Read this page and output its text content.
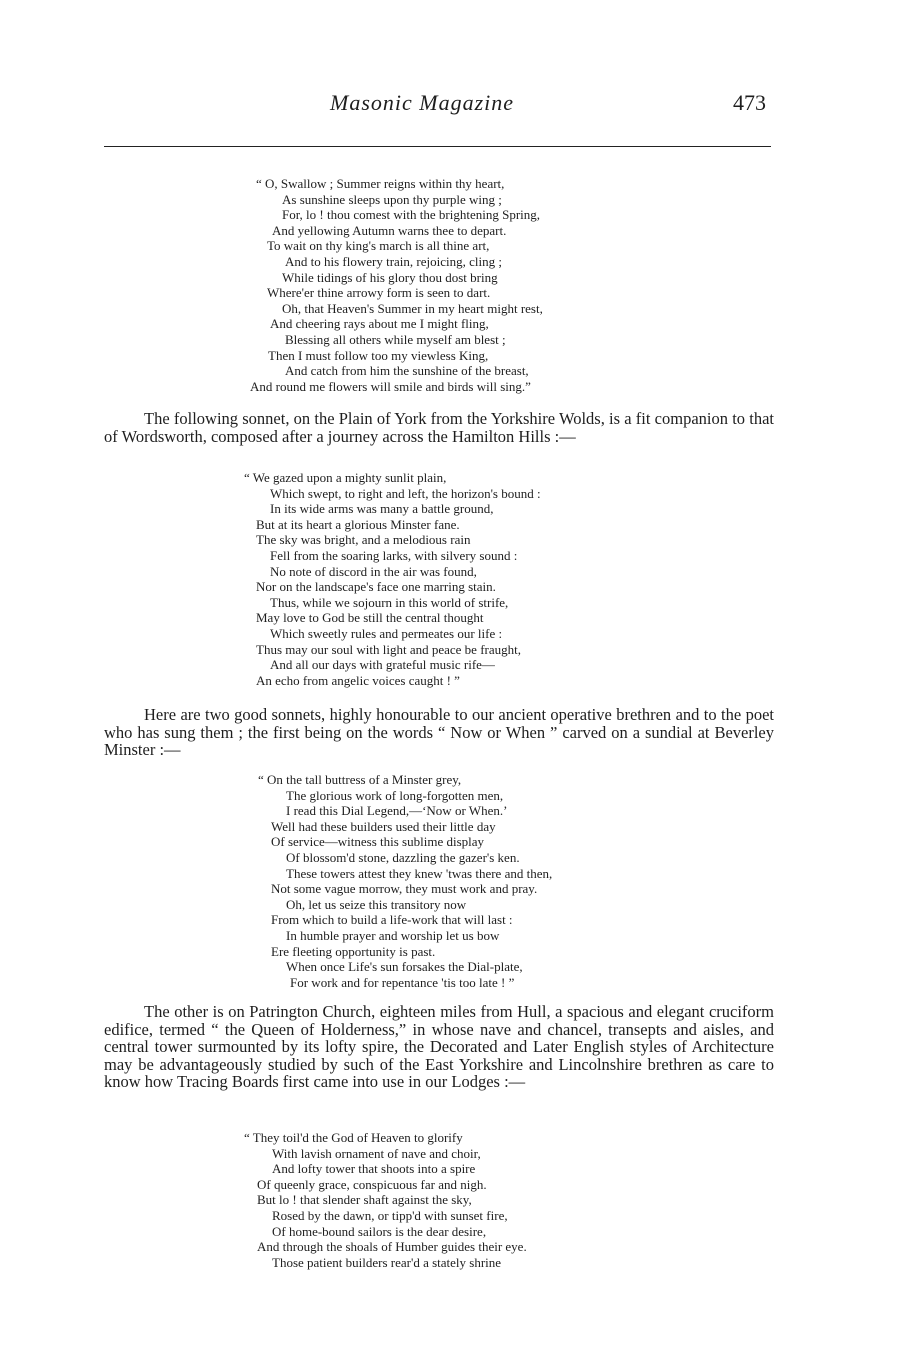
Masonic Magazine	473
“ O, Swallow ; Summer reigns within thy heart,
As sunshine sleeps upon thy purple wing ;
For, lo ! thou comest with the brightening Spring,
And yellowing Autumn warns thee to depart.
To wait on thy king's march is all thine art,
And to his flowery train, rejoicing, cling ;
While tidings of his glory thou dost bring
Where'er thine arrowy form is seen to dart.
Oh, that Heaven's Summer in my heart might rest,
And cheering rays about me I might fling,
Blessing all others while myself am blest ;
Then I must follow too my viewless King,
And catch from him the sunshine of the breast,
And round me flowers will smile and birds will sing.”

The following sonnet, on the Plain of York from the Yorkshire Wolds, is a fit companion to that of Wordsworth, composed after a journey across the Hamilton Hills :—

“ We gazed upon a mighty sunlit plain,
Which swept, to right and left, the horizon's bound :
In its wide arms was many a battle ground,
But at its heart a glorious Minster fane.
The sky was bright, and a melodious rain
Fell from the soaring larks, with silvery sound :
No note of discord in the air was found,
Nor on the landscape's face one marring stain.
Thus, while we sojourn in this world of strife,
May love to God be still the central thought
Which sweetly rules and permeates our life :
Thus may our soul with light and peace be fraught,
And all our days with grateful music rife—
An echo from angelic voices caught ! ”

Here are two good sonnets, highly honourable to our ancient operative brethren and to the poet who has sung them ; the first being on the words “ Now or When ” carved on a sundial at Beverley Minster :—

“ On the tall buttress of a Minster grey,
The glorious work of long-forgotten men,
I read this Dial Legend,—‘Now or When.’
Well had these builders used their little day
Of service—witness this sublime display
Of blossom'd stone, dazzling the gazer's ken.
These towers attest they knew 'twas there and then,
Not some vague morrow, they must work and pray.
Oh, let us seize this transitory now
From which to build a life-work that will last :
In humble prayer and worship let us bow
Ere fleeting opportunity is past.
When once Life's sun forsakes the Dial-plate,
For work and for repentance 'tis too late ! ”

The other is on Patrington Church, eighteen miles from Hull, a spacious and elegant cruciform edifice, termed “ the Queen of Holderness,” in whose nave and chancel, transepts and aisles, and central tower surmounted by its lofty spire, the Decorated and Later English styles of Architecture may be advantageously studied by such of the East Yorkshire and Lincolnshire brethren as care to know how Tracing Boards first came into use in our Lodges :—

“ They toil'd the God of Heaven to glorify
With lavish ornament of nave and choir,
And lofty tower that shoots into a spire
Of queenly grace, conspicuous far and nigh.
But lo ! that slender shaft against the sky,
Rosed by the dawn, or tipp'd with sunset fire,
Of home-bound sailors is the dear desire,
And through the shoals of Humber guides their eye.
Those patient builders rear'd a stately shrine
